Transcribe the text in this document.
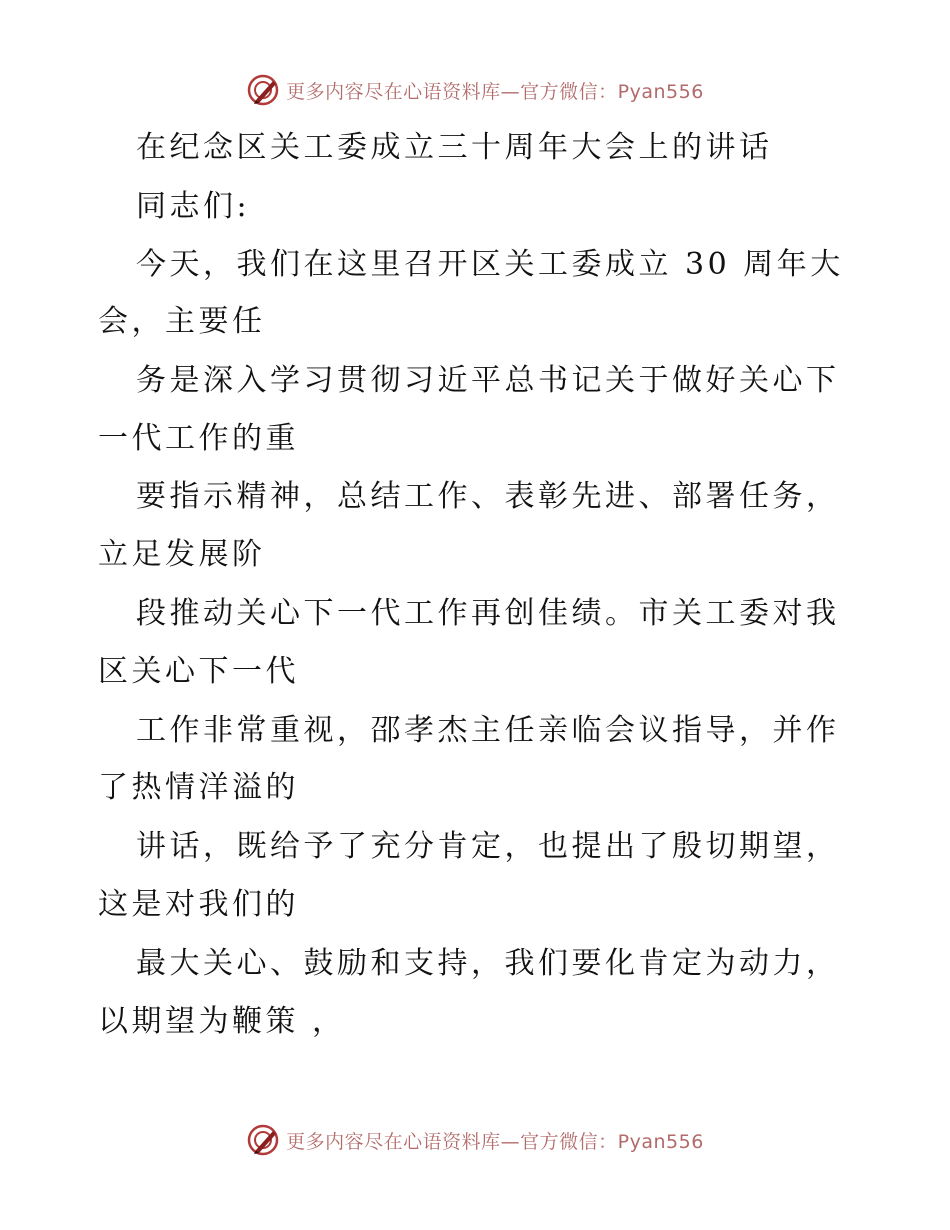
更多内容尽在心语资料库—官方微信：Pyan556
在纪念区关工委成立三十周年大会上的讲话
同志们:
今天，我们在这里召开区关工委成立 30 周年大
会，主要任
务是深入学习贯彻习近平总书记关于做好关心下
一代工作的重
要指示精神，总结工作、表彰先进、部署任务，
立足发展阶
段推动关心下一代工作再创佳绩。市关工委对我
区关心下一代
工作非常重视，邵孝杰主任亲临会议指导，并作
了热情洋溢的
讲话，既给予了充分肯定，也提出了殷切期望，
这是对我们的
最大关心、鼓励和支持，我们要化肯定为动力，
以期望为鞭策 ，
更多内容尽在心语资料库—官方微信：Pyan556
